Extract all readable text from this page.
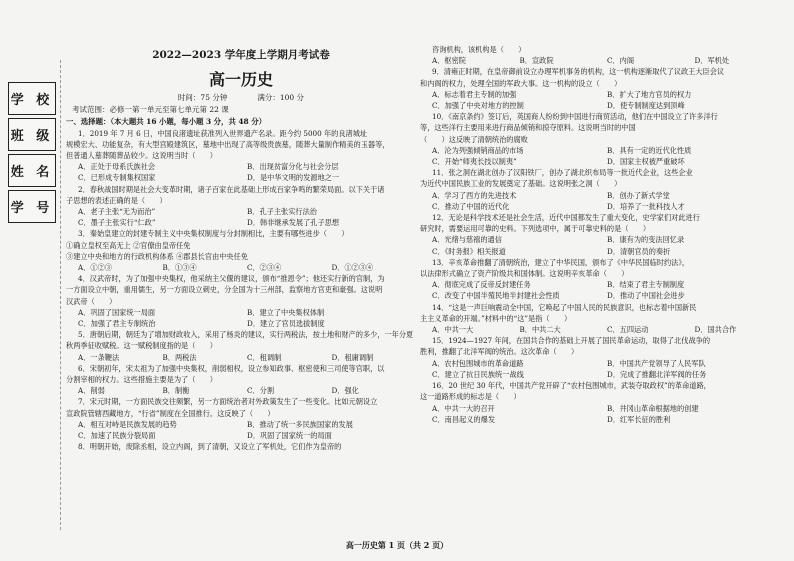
学 校
班 级
姓 名
学 号
2022—2023 学年度上学期月考试卷
高一历史
时间：75 分钟　　　　满分：100 分
考试范围：必修一第一单元至第七单元第 22 课
一、选择题：（本大题共 16 小题，每小题 3 分，共 48 分）
1．2019 年 7 月 6 日，中国良渚遗址获准列入世界遗产名录。距今约 5000 年的良渚城址
规模宏大、功能复杂，有大型宫殿建筑区，墓地中出现了高等级贵族墓，随葬大量制作精美的玉器等，
但普通人墓葬随葬品较少。这说明当时（　　）
A．正处于母系氏族社会	B．出现贫富分化与社会分层
C．已形成专制集权国家	D．是中华文明的发源地之一
2．春秋战国时期是社会大变革时期，诸子百家在此基础上形成百家争鸣的繁荣局面。以下关于诸
子思想的表述正确的是（　　）
A．老子主张“无为而治”	B．孔子主张实行法治
C．墨子主张实行“仁政”	D．韩非继承发展了孔子思想
3．秦始皇建立的封建专制主义中央集权制度与分封制相比，主要有哪些进步（　　）
①确立皇权至高无上 ②官僚由皇帝任免
③建立中央和地方的行政机构体系 ④郡县长官由中央任免
A．①②③	B．①③④	C．②③④	D．①②③④
4．汉武帝时，为了加强中央集权，他采纳主父偃的建议，颁布“推恩令”；他还实行新的官制，为
一方面设立中朝，重用儒生，另一方面设立刺史，分全国为十三州部，监察地方官吏和豪强。这说明
汉武帝（　　）
A．巩固了国家统一局面	B．建立了中央集权体制
C．加强了君主专制统治	D．建立了官员选拔制度
5．唐朝后期，朝廷为了增加财政收入，采用了杨炎的建议，实行两税法，按土地和财产的多少，一年分夏
秋两季征收赋税。这一赋税制度指的是（　　）
A．一条鞭法	B．两税法	C．租调制	D．租庸调制
6．宋朝初年，宋太祖为了加强中央集权，削弱相权，设立参知政事、枢密使和三司使等官职，以
分割宰相的权力。这些措施主要是为了（　　）
A．削弱	B．制衡	C．分割	D．强化
7．宋元时期，一方面民族交往频繁，另一方面统治者对外政策发生了一些变化。比如元朝设立
宣政院管辖西藏地方，“行省”制度在全国推行。这反映了（　　）
A．相互对峙是民族发展的趋势	B．推动了统一多民族国家的发展
C．加速了民族分裂局面	D．巩固了国家统一的局面
8．明朝开始，废除丞相，设立内阁，到了清朝，又设立了军机处，它们作为皇帝的
咨询机构，该机构是（　　）
A．枢密院	B．宣政院	C．内阁	D．军机处
9．清雍正时期，在皇帝御前设立办理军机事务的机构，这一机构逐渐取代了议政王大臣会议
和内阁的权力，处理全国的军政大事。这一机构的设立（　　）
A．标志着君主专制的加强	B．扩大了地方官员的权力
C．加强了中央对地方的控制	D．使专制制度达到顶峰
10．《南京条约》签订后，英国商人纷纷到中国进行商贸活动，他们在中国设立了许多洋行
等，这些洋行主要用来进行商品倾销和掠夺原料。这说明当时的中国
（　　）这反映了清朝统治的腐败
A．沦为列强倾销商品的市场	B．具有一定的近代化性质
C．开始“师夷长技以制夷”	D．国家主权被严重破坏
11．张之洞在湖北创办了汉阳铁厂，创办了湖北织布局等一批近代企业，这些企业
为近代中国民族工业的发展奠定了基础。这说明张之洞（　　）
A．学习了西方的先进技术	B．创办了新式学堂
C．推动了中国的近代化	D．培养了一批科技人才
12．无论是科学技术还是社会生活，近代中国都发生了重大变化，史学家们对此进行
研究时，需要运用可靠的史料。下列选项中，属于可靠史料的是（　　）
A．光绪与慈禧的通信	B．康有为的变法回忆录
C．《时务报》相关报道	D．清朝官员的奏折
13．辛亥革命推翻了清朝统治，建立了中华民国，颁布了《中华民国临时约法》，
以法律形式确立了资产阶级共和国体制。这说明辛亥革命（　　）
A．彻底完成了反帝反封建任务	B．结束了君主专制制度
C．改变了中国半殖民地半封建社会性质	D．推动了中国社会进步
14．“这是一声巨响震动全中国，它唤起了中国人民的民族意识，也标志着中国新民
主主义革命的开端。”材料中的“这”是指（　　）
A．中共一大	B．中共二大	C．五四运动	D．国共合作
15．1924—1927 年间，在国共合作的基础上开展了国民革命运动，取得了北伐战争的
胜利，推翻了北洋军阀的统治。这次革命（　　）
A．农村包围城市的革命道路	B．中国共产党领导了人民军队
C．建立了抗日民族统一战线	D．完成了推翻北洋军阀的任务
16．20 世纪 30 年代，中国共产党开辟了“农村包围城市，武装夺取政权”的革命道路，
这一道路形成的标志是（　　）
A．中共一大的召开	B．井冈山革命根据地的创建
C．南昌起义的爆发	D．红军长征的胜利
高一历史第 1 页（共 2 页）
